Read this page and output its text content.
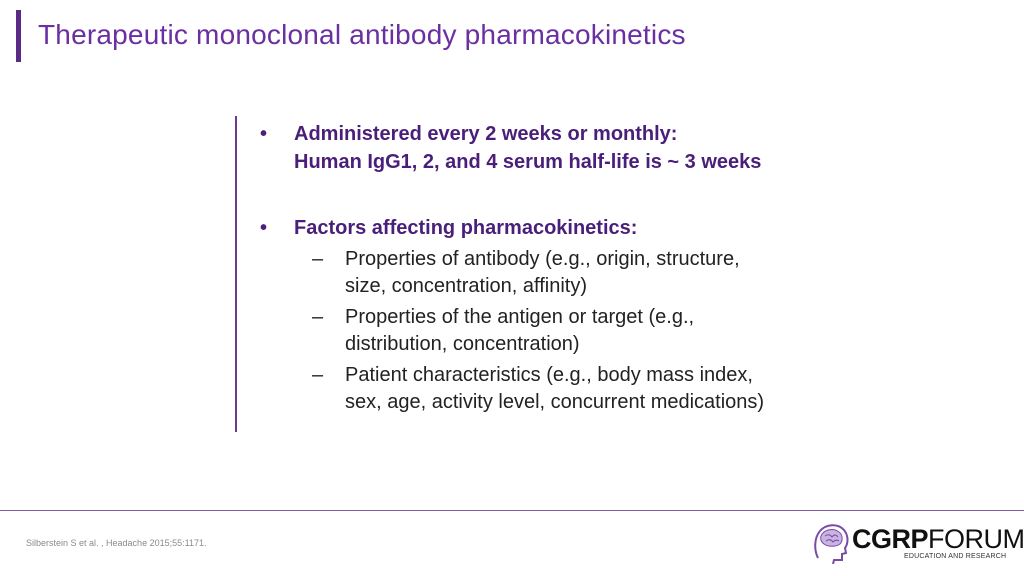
Therapeutic monoclonal antibody pharmacokinetics
• Administered every 2 weeks or monthly:
Human IgG1, 2, and 4 serum half-life is ~ 3 weeks
• Factors affecting pharmacokinetics:
– Properties of antibody (e.g., origin, structure,
size, concentration, affinity)
– Properties of the antigen or target (e.g.,
distribution, concentration)
– Patient characteristics (e.g., body mass index,
sex, age, activity level, concurrent medications)
Silberstein S et al. , Headache 2015;55:1171.	CGRPFORUM
EDUCATION AND RESEARCH
